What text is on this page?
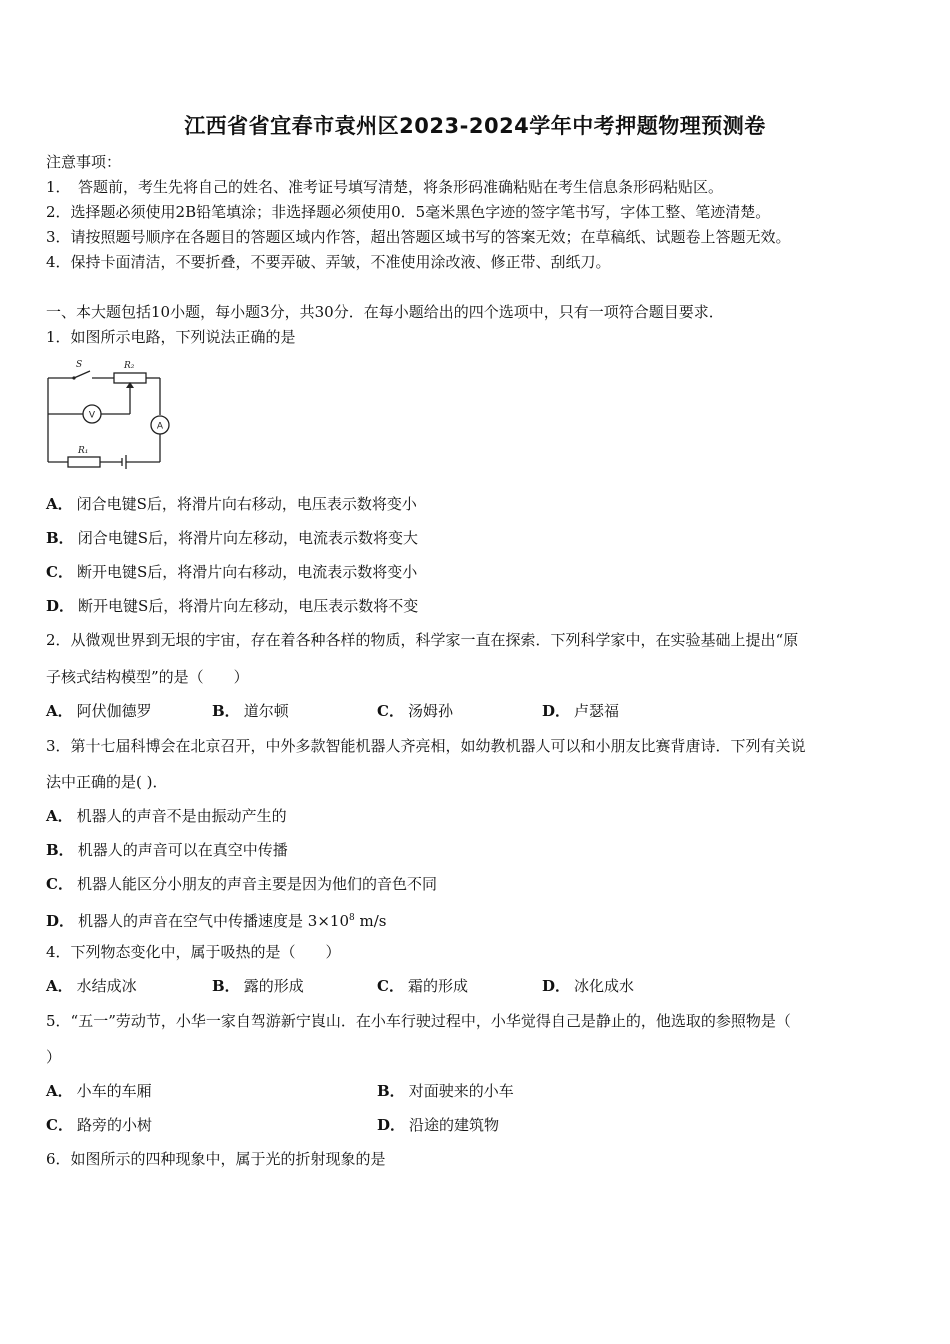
江西省省宜春市袁州区2023-2024学年中考押题物理预测卷
注意事项：
1．　答题前，考生先将自己的姓名、准考证号填写清楚，将条形码准确粘贴在考生信息条形码粘贴区。
2．选择题必须使用2B铅笔填涂；非选择题必须使用0．5毫米黑色字迹的签字笔书写，字体工整、笔迹清楚。
3．请按照题号顺序在各题目的答题区域内作答，超出答题区域书写的答案无效；在草稿纸、试题卷上答题无效。
4．保持卡面清洁，不要折叠，不要弄破、弄皱，不准使用涂改液、修正带、刮纸刀。
一、本大题包括10小题，每小题3分，共30分．在每小题给出的四个选项中，只有一项符合题目要求．
1．如图所示电路，下列说法正确的是
S	R₂
R₁
V
A
A． 闭合电键S后，将滑片向右移动，电压表示数将变小
B． 闭合电键S后，将滑片向左移动，电流表示数将变大
C． 断开电键S后，将滑片向右移动，电流表示数将变小
D． 断开电键S后，将滑片向左移动，电压表示数将不变
2．从微观世界到无垠的宇宙，存在着各种各样的物质，科学家一直在探索．下列科学家中，在实验基础上提出“原
子核式结构模型”的是（　　）
A． 阿伏伽德罗	B． 道尔顿	C． 汤姆孙	D． 卢瑟福
3．第十七届科博会在北京召开，中外多款智能机器人齐亮相，如幼教机器人可以和小朋友比赛背唐诗．下列有关说
法中正确的是( )．
A． 机器人的声音不是由振动产生的
B． 机器人的声音可以在真空中传播
C． 机器人能区分小朋友的声音主要是因为他们的音色不同
D． 机器人的声音在空气中传播速度是 $3\times 10^8$ m/s
4．下列物态变化中，属于吸热的是（　　）
A． 水结成冰	B． 露的形成	C． 霜的形成	D． 冰化成水
5．“五一”劳动节，小华一家自驾游新宁崀山．在小车行驶过程中，小华觉得自己是静止的，他选取的参照物是（
）
A． 小车的车厢	B． 对面驶来的小车
C． 路旁的小树	D． 沿途的建筑物
6．如图所示的四种现象中，属于光的折射现象的是
